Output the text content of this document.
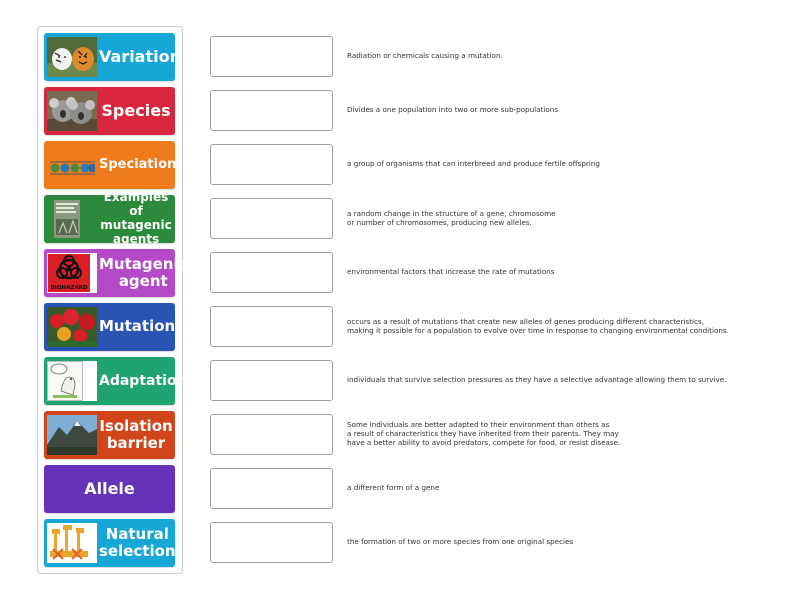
Variation
Species
Speciation
Examples of mutagenic agents
BIOHAZARD
Mutagenic agent
Mutation
Adaptation
Isolation barrier
Allele
Natural selection
Radiation or chemicals causing a mutation.
Divides a one population into two or more sub-populations
a group of organisms that can interbreed and produce fertile offspring
a random change in the structure of a gene, chromosome
or number of chromosomes, producing new alleles.
environmental factors that increase the rate of mutations
occurs as a result of mutations that create new alleles of genes producing different characteristics,
making it possible for a population to evolve over time in response to changing environmental conditions.
individuals that survive selection pressures as they have a selective advantage allowing them to survive.
Some individuals are better adapted to their environment than others as
a result of characteristics they have inherited from their parents. They may
have a better ability to avoid predators, compete for food, or resist disease.
a different form of a gene
the formation of two or more species from one original species
